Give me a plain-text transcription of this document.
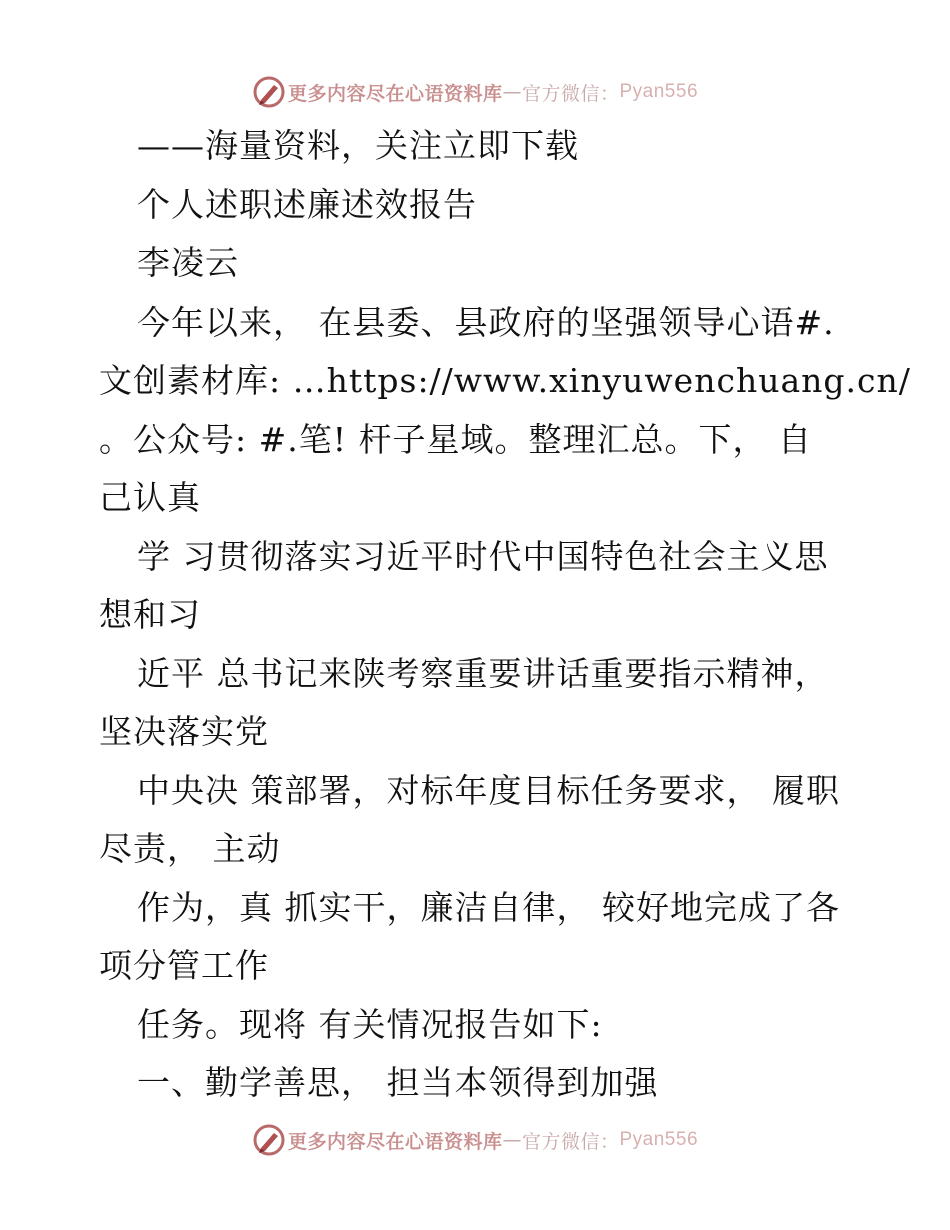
更多内容尽在心语资料库 — 官方微信： Pyan556
——海量资料，关注立即下载
个人述职述廉述效报告
李凌云
今年以来， 在县委、县政府的坚强领导心语#.
文创素材库: …https://www.xinyuwenchuang.cn/
。公众号: #.笔! 杆子星域。整理汇总。下， 自
己认真
学 习贯彻落实习近平时代中国特色社会主义思
想和习
近平 总书记来陕考察重要讲话重要指示精神，
坚决落实党
中央决 策部署，对标年度目标任务要求， 履职
尽责， 主动
作为，真 抓实干，廉洁自律， 较好地完成了各
项分管工作
任务。现将 有关情况报告如下:
一、勤学善思， 担当本领得到加强
更多内容尽在心语资料库 — 官方微信： Pyan556
